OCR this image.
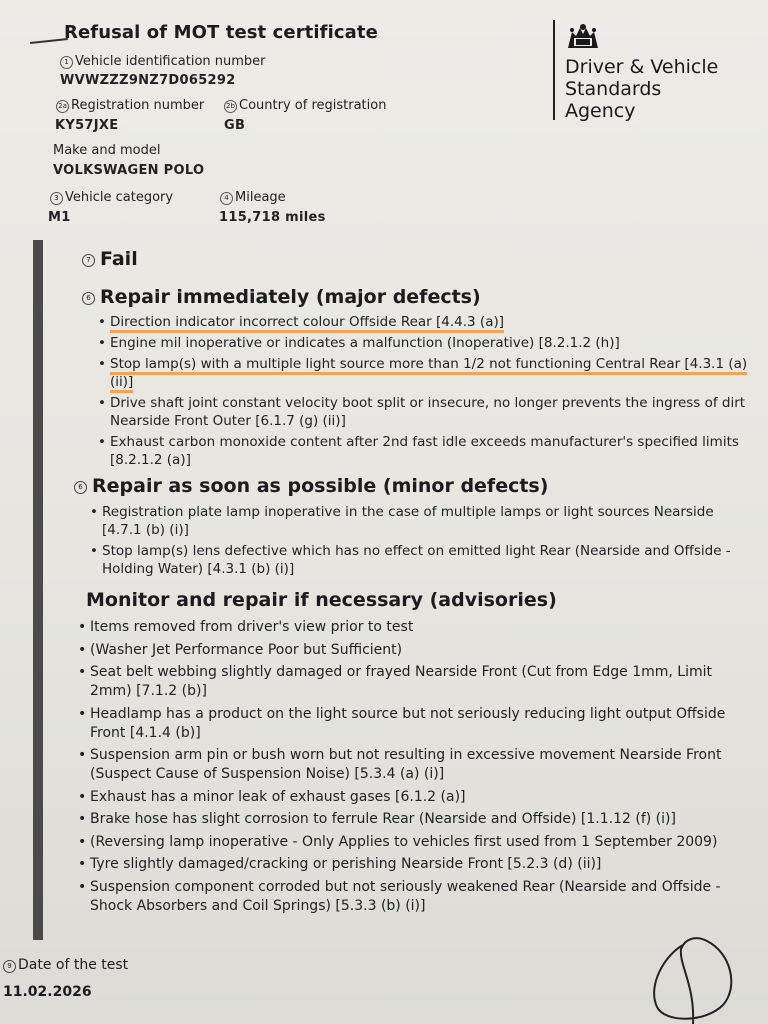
Refusal of MOT test certificate
1 Vehicle identification number
WVWZZZ9NZ7D065292
2a Registration number
KY57JXE
2b Country of registration
GB
Make and model
VOLKSWAGEN POLO
3 Vehicle category
M1
4 Mileage
115,718 miles
Driver & Vehicle
Standards
Agency
7 Fail
6 Repair immediately (major defects)
• Direction indicator incorrect colour Offside Rear [4.4.3 (a)]
• Engine mil inoperative or indicates a malfunction (Inoperative) [8.2.1.2 (h)]
• Stop lamp(s) with a multiple light source more than 1/2 not functioning Central Rear [4.3.1 (a) (ii)]
• Drive shaft joint constant velocity boot split or insecure, no longer prevents the ingress of dirt Nearside Front Outer [6.1.7 (g) (ii)]
• Exhaust carbon monoxide content after 2nd fast idle exceeds manufacturer's specified limits [8.2.1.2 (a)]
6 Repair as soon as possible (minor defects)
• Registration plate lamp inoperative in the case of multiple lamps or light sources Nearside [4.7.1 (b) (i)]
• Stop lamp(s) lens defective which has no effect on emitted light Rear (Nearside and Offside - Holding Water) [4.3.1 (b) (i)]
Monitor and repair if necessary (advisories)
• Items removed from driver's view prior to test
• (Washer Jet Performance Poor but Sufficient)
• Seat belt webbing slightly damaged or frayed Nearside Front (Cut from Edge 1mm, Limit 2mm) [7.1.2 (b)]
• Headlamp has a product on the light source but not seriously reducing light output Offside Front [4.1.4 (b)]
• Suspension arm pin or bush worn but not resulting in excessive movement Nearside Front (Suspect Cause of Suspension Noise) [5.3.4 (a) (i)]
• Exhaust has a minor leak of exhaust gases [6.1.2 (a)]
• Brake hose has slight corrosion to ferrule Rear (Nearside and Offside) [1.1.12 (f) (i)]
• (Reversing lamp inoperative - Only Applies to vehicles first used from 1 September 2009)
• Tyre slightly damaged/cracking or perishing Nearside Front [5.2.3 (d) (ii)]
• Suspension component corroded but not seriously weakened Rear (Nearside and Offside - Shock Absorbers and Coil Springs) [5.3.3 (b) (i)]
9 Date of the test
11.02.2026
